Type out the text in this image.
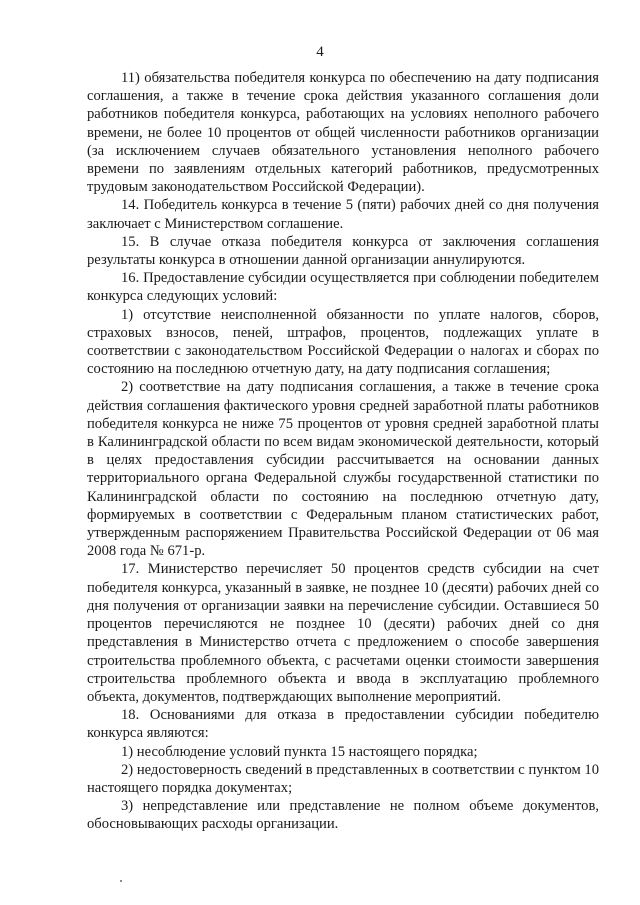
4

11) обязательства победителя конкурса по обеспечению на дату подписания соглашения, а также в течение срока действия указанного соглашения доли работников победителя конкурса, работающих на условиях неполного рабочего времени, не более 10 процентов от общей численности работников организации (за исключением случаев обязательного установления неполного рабочего времени по заявлениям отдельных категорий работников, предусмотренных трудовым законодательством Российской Федерации).

14. Победитель конкурса в течение 5 (пяти) рабочих дней со дня получения заключает с Министерством соглашение.

15. В случае отказа победителя конкурса от заключения соглашения результаты конкурса в отношении данной организации аннулируются.

16. Предоставление субсидии осуществляется при соблюдении победителем конкурса следующих условий:

1) отсутствие неисполненной обязанности по уплате налогов, сборов, страховых взносов, пеней, штрафов, процентов, подлежащих уплате в соответствии с законодательством Российской Федерации о налогах и сборах по состоянию на последнюю отчетную дату, на дату подписания соглашения;

2) соответствие на дату подписания соглашения, а также в течение срока действия соглашения фактического уровня средней заработной платы работников победителя конкурса не ниже 75 процентов от уровня средней заработной платы в Калининградской области по всем видам экономической деятельности, который в целях предоставления субсидии рассчитывается на основании данных территориального органа Федеральной службы государственной статистики по Калининградской области по состоянию на последнюю отчетную дату, формируемых в соответствии с Федеральным планом статистических работ, утвержденным распоряжением Правительства Российской Федерации от 06 мая 2008 года № 671-р.

17. Министерство перечисляет 50 процентов средств субсидии на счет победителя конкурса, указанный в заявке, не позднее 10 (десяти) рабочих дней со дня получения от организации заявки на перечисление субсидии. Оставшиеся 50 процентов перечисляются не позднее 10 (десяти) рабочих дней со дня представления в Министерство отчета с предложением о способе завершения строительства проблемного объекта, с расчетами оценки стоимости завершения строительства проблемного объекта и ввода в эксплуатацию проблемного объекта, документов, подтверждающих выполнение мероприятий.

18. Основаниями для отказа в предоставлении субсидии победителю конкурса являются:

1) несоблюдение условий пункта 15 настоящего порядка;

2) недостоверность сведений в представленных в соответствии с пунктом 10 настоящего порядка документах;

3) непредставление или представление не полном объеме документов, обосновывающих расходы организации.
